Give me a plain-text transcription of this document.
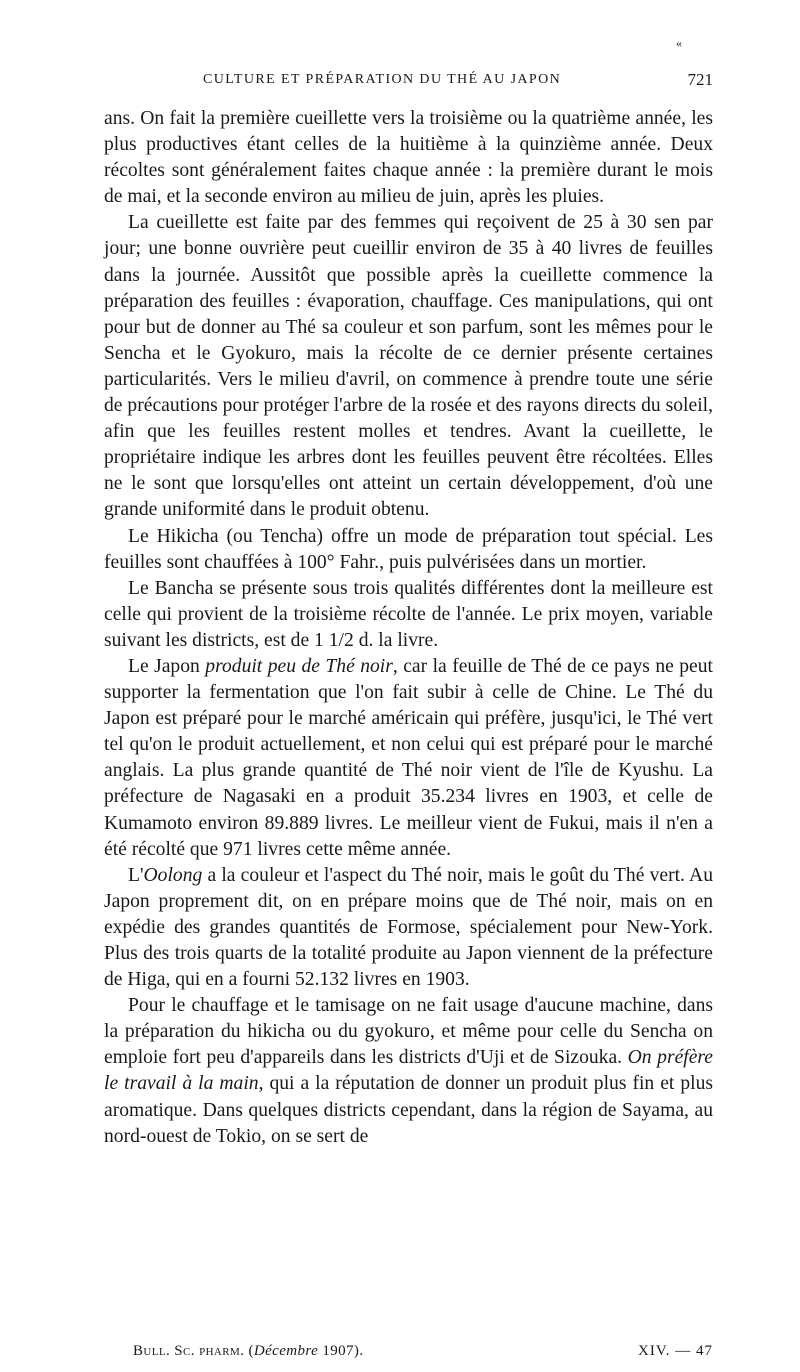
«
CULTURE ET PRÉPARATION DU THÉ AU JAPON	721

ans. On fait la première cueillette vers la troisième ou la quatrième année, les plus productives étant celles de la huitième à la quinzième année. Deux récoltes sont généralement faites chaque année : la première durant le mois de mai, et la seconde environ au milieu de juin, après les pluies.

La cueillette est faite par des femmes qui reçoivent de 25 à 30 sen par jour; une bonne ouvrière peut cueillir environ de 35 à 40 livres de feuilles dans la journée. Aussitôt que possible après la cueillette commence la préparation des feuilles : évaporation, chauffage. Ces manipulations, qui ont pour but de donner au Thé sa couleur et son parfum, sont les mêmes pour le Sencha et le Gyokuro, mais la récolte de ce dernier présente certaines particularités. Vers le milieu d'avril, on commence à prendre toute une série de précautions pour protéger l'arbre de la rosée et des rayons directs du soleil, afin que les feuilles restent molles et tendres. Avant la cueillette, le propriétaire indique les arbres dont les feuilles peuvent être récoltées. Elles ne le sont que lorsqu'elles ont atteint un certain développement, d'où une grande uniformité dans le produit obtenu.

Le Hikicha (ou Tencha) offre un mode de préparation tout spécial. Les feuilles sont chauffées à 100° Fahr., puis pulvérisées dans un mortier.

Le Bancha se présente sous trois qualités différentes dont la meilleure est celle qui provient de la troisième récolte de l'année. Le prix moyen, variable suivant les districts, est de 1 1/2 d. la livre.

Le Japon produit peu de Thé noir, car la feuille de Thé de ce pays ne peut supporter la fermentation que l'on fait subir à celle de Chine. Le Thé du Japon est préparé pour le marché américain qui préfère, jusqu'ici, le Thé vert tel qu'on le produit actuellement, et non celui qui est préparé pour le marché anglais. La plus grande quantité de Thé noir vient de l'île de Kyushu. La préfecture de Nagasaki en a produit 35.234 livres en 1903, et celle de Kumamoto environ 89.889 livres. Le meilleur vient de Fukui, mais il n'en a été récolté que 971 livres cette même année.

L'Oolong a la couleur et l'aspect du Thé noir, mais le goût du Thé vert. Au Japon proprement dit, on en prépare moins que de Thé noir, mais on en expédie des grandes quantités de Formose, spécialement pour New-York. Plus des trois quarts de la totalité produite au Japon viennent de la préfecture de Higa, qui en a fourni 52.132 livres en 1903.

Pour le chauffage et le tamisage on ne fait usage d'aucune machine, dans la préparation du hikicha ou du gyokuro, et même pour celle du Sencha on emploie fort peu d'appareils dans les districts d'Uji et de Sizouka. On préfère le travail à la main, qui a la réputation de donner un produit plus fin et plus aromatique. Dans quelques districts cependant, dans la région de Sayama, au nord-ouest de Tokio, on se sert de

Bull. Sc. pharm. (Décembre 1907).	XIV. — 47
